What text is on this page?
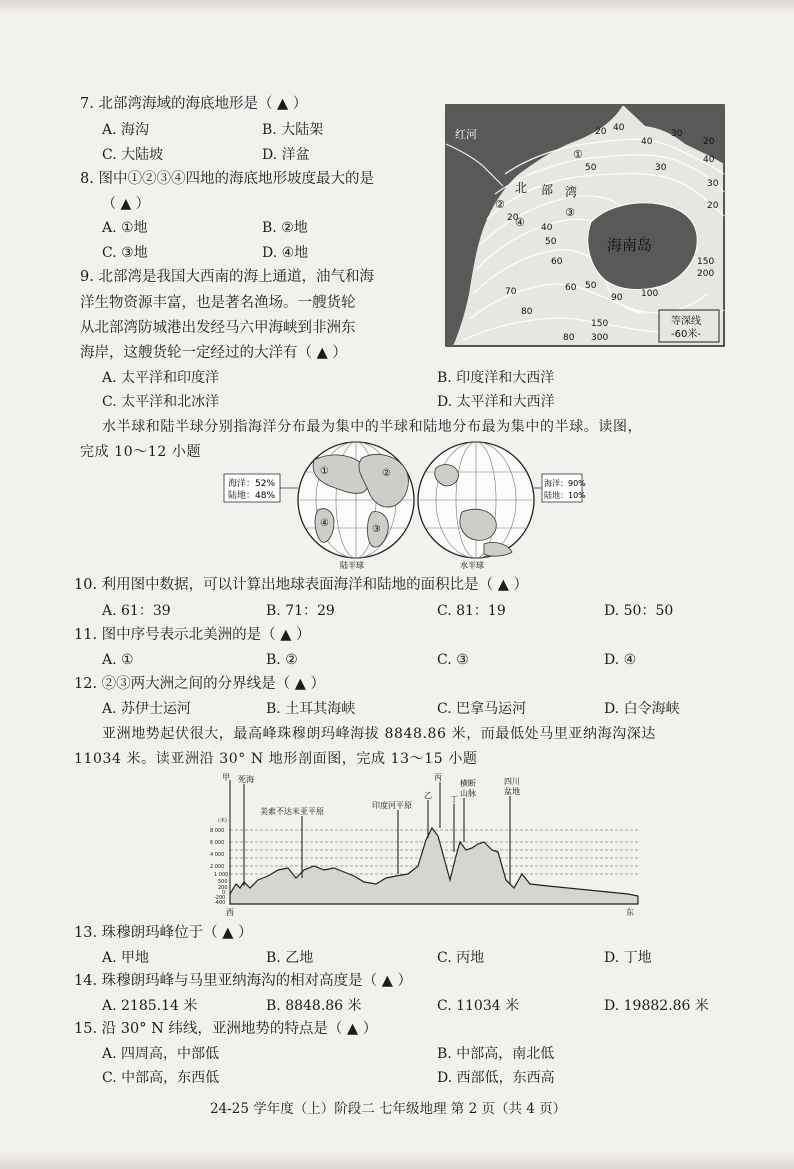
7. 北部湾海域的海底地形是（ ▲ ）
A. 海沟	B. 大陆架
C. 大陆坡	D. 洋盆
8. 图中①②③④四地的海底地形坡度最大的是
（ ▲ ）
A. ①地	B. ②地
C. ③地	D. ④地
9. 北部湾是我国大西南的海上通道，油气和海
洋生物资源丰富，也是著名渔场。一艘货轮
从北部湾防城港出发经马六甲海峡到非洲东
海岸，这艘货轮一定经过的大洋有（ ▲ ）
A. 太平洋和印度洋	B. 印度洋和大西洋
C. 太平洋和北冰洋	D. 太平洋和大西洋
红河
北 部 湾
海南岛
①
②
③
④
20 40
40
30
50	30
20
40
20
40
50
30
60
20
70
150
80
200
60 50
90 100
150
300
80
等深线
-60米-
水半球和陆半球分别指海洋分布最为集中的半球和陆地分布最为集中的半球。读图，
完成 10～12 小题
海洋：52%
陆地：48%
①	②
③
④
陆半球	水半球
海洋：90%
陆地：10%
10. 利用图中数据，可以计算出地球表面海洋和陆地的面积比是（ ▲ ）
A. 61：39	B. 71：29	C. 81：19	D. 50：50
11. 图中序号表示北美洲的是（ ▲ ）
A. ①	B. ②	C. ③	D. ④
12. ②③两大洲之间的分界线是（ ▲ ）
A. 苏伊士运河	B. 土耳其海峡	C. 巴拿马运河	D. 白令海峡
亚洲地势起伏很大，最高峰珠穆朗玛峰海拔 8848.86 米，而最低处马里亚纳海沟深达
11034 米。读亚洲沿 30° N 地形剖面图，完成 13～15 小题
(米)
8 000
6 000
4 000
2 000
1 000
500
200
0
-200
-400
甲 死海
美索不达米亚平原
印度河平原
乙
丙
丁
横断
山脉
四川
盆地
西	东
13. 珠穆朗玛峰位于（ ▲ ）
A. 甲地	B. 乙地	C. 丙地	D. 丁地
14. 珠穆朗玛峰与马里亚纳海沟的相对高度是（ ▲ ）
A. 2185.14 米	B. 8848.86 米	C. 11034 米	D. 19882.86 米
15. 沿 30° N 纬线，亚洲地势的特点是（ ▲ ）
A. 四周高，中部低	B. 中部高，南北低
C. 中部高，东西低	D. 西部低，东西高
24-25 学年度（上）阶段二 七年级地理 第 2 页（共 4 页）
